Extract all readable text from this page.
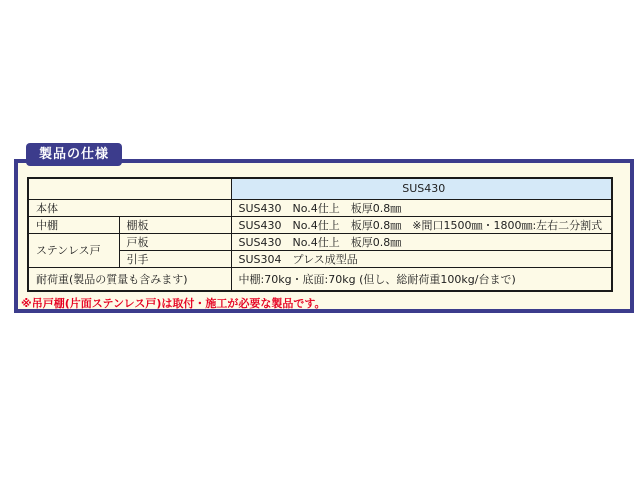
製品の仕様
		SUS430
本体		SUS430　No.4仕上　板厚0.8㎜
中棚	棚板	SUS430　No.4仕上　板厚0.8㎜　※間口1500㎜・1800㎜:左右二分割式
ステンレス戸	戸板	SUS430　No.4仕上　板厚0.8㎜
	引手	SUS304　プレス成型品
耐荷重(製品の質量も含みます)		中棚:70kg・底面:70kg (但し、総耐荷重100kg/台まで)
※吊戸棚(片面ステンレス戸)は取付・施工が必要な製品です。
